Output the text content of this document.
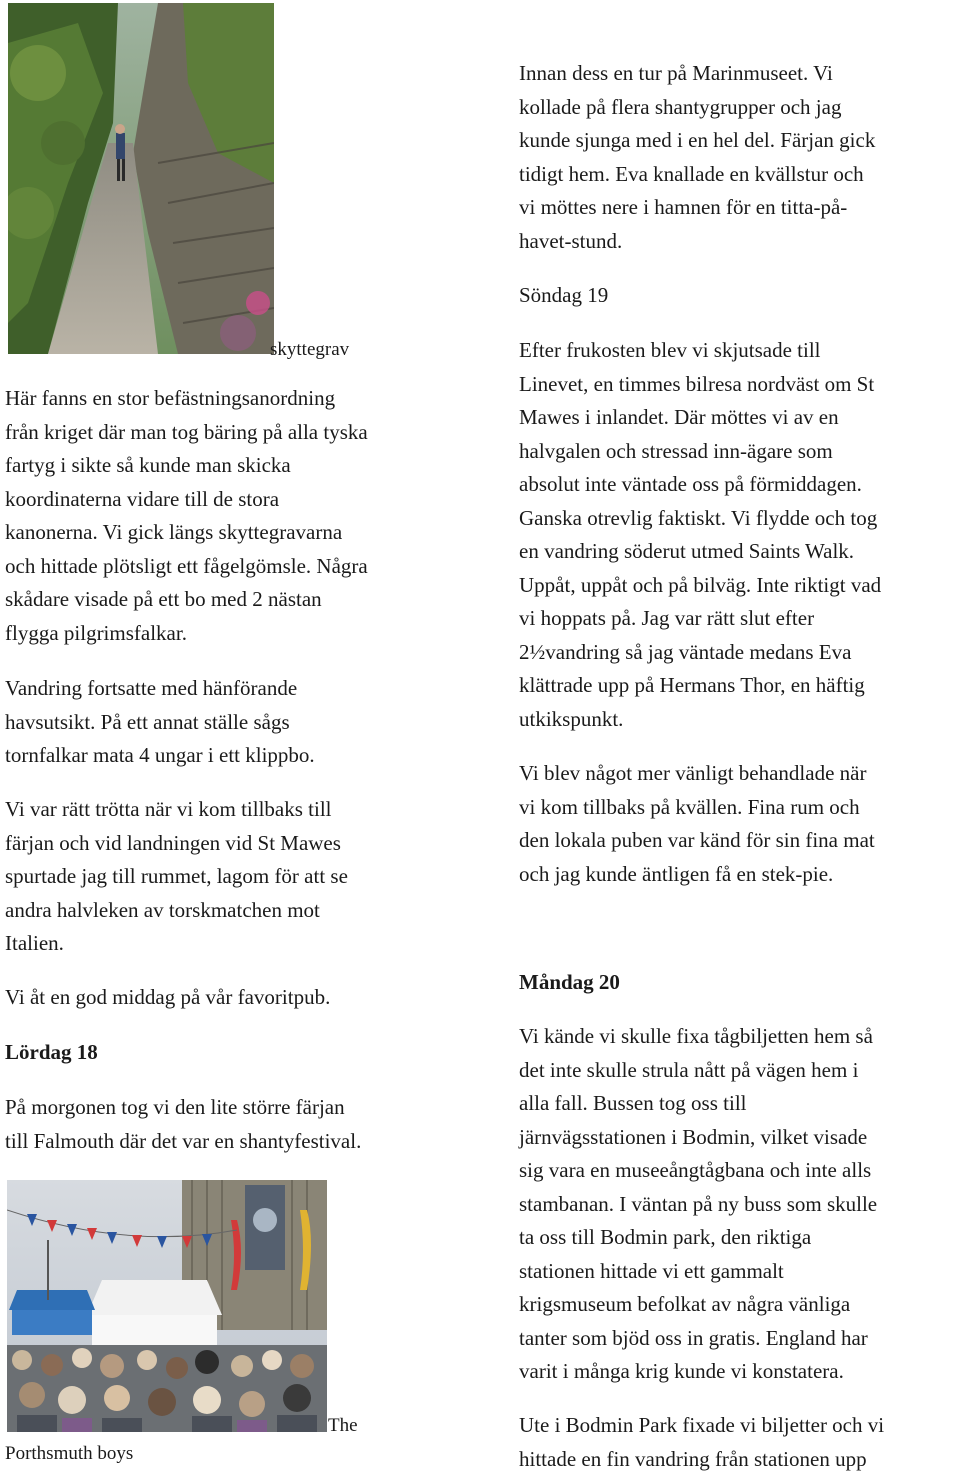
skyttegrav

Här fanns en stor befästningsanordning
från kriget där man tog bäring på alla tyska
fartyg i sikte så kunde man skicka
koordinaterna vidare till de stora
kanonerna. Vi gick längs skyttegravarna
och hittade plötsligt ett fågelgömsle. Några
skådare visade på ett bo med 2 nästan
flygga pilgrimsfalkar.

Vandring fortsatte med hänförande
havsutsikt. På ett annat ställe sågs
tornfalkar mata 4 ungar i ett klippbo.

Vi var rätt trötta när vi kom tillbaks till
färjan och vid landningen vid St Mawes
spurtade jag till rummet, lagom för att se
andra halvleken av torskmatchen mot
Italien.

Vi åt en god middag på vår favoritpub.

Lördag 18

På morgonen tog vi den lite större färjan
till Falmouth där det var en shantyfestival.

The
Porthsmuth boys

Innan dess en tur på Marinmuseet. Vi
kollade på flera shantygrupper och jag
kunde sjunga med i en hel del. Färjan gick
tidigt hem. Eva knallade en kvällstur och
vi möttes nere i hamnen för en titta-på-
havet-stund.

Söndag 19

Efter frukosten blev vi skjutsade till
Linevet, en timmes bilresa nordväst om St
Mawes i inlandet. Där möttes vi av en
halvgalen och stressad inn-ägare som
absolut inte väntade oss på förmiddagen.
Ganska otrevlig faktiskt. Vi flydde och tog
en vandring söderut utmed Saints Walk.
Uppåt, uppåt och på bilväg. Inte riktigt vad
vi hoppats på. Jag var rätt slut efter
2½vandring så jag väntade medans Eva
klättrade upp på Hermans Thor, en häftig
utkikspunkt.

Vi blev något mer vänligt behandlade när
vi kom tillbaks på kvällen. Fina rum och
den lokala puben var känd för sin fina mat
och jag kunde äntligen få en stek-pie.

Måndag 20

Vi kände vi skulle fixa tågbiljetten hem så
det inte skulle strula nått på vägen hem i
alla fall. Bussen tog oss till
järnvägsstationen i Bodmin, vilket visade
sig vara en museeångtågbana och inte alls
stambanan. I väntan på ny buss som skulle
ta oss till Bodmin park, den riktiga
stationen hittade vi ett gammalt
krigsmuseum befolkat av några vänliga
tanter som bjöd oss in gratis. England har
varit i många krig kunde vi konstatera.

Ute i Bodmin Park fixade vi biljetter och vi
hittade en fin vandring från stationen upp
